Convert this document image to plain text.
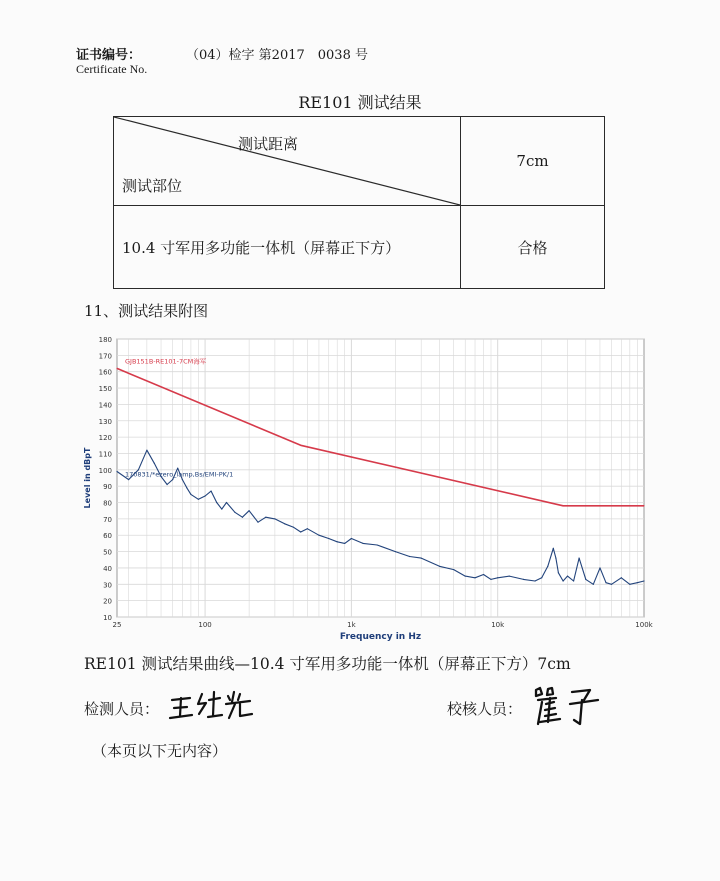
证书编号：	（04）检字 第2017　0038 号
Certificate No.
RE101 测试结果
测试距离
测试部位	7cm
10.4 寸军用多功能一体机（屏幕正下方）	合格
11、测试结果附图
10
20
30
40
50
60
70
80
90
100
110
120
130
140
150
160
170
180
25	100	1k	10k	100k
Frequency in Hz
Level in dBpT
GJB151B-RE101-7CM海军
170831/*ezero_lamp,Bs/EMI-PK/1
RE101 测试结果曲线—10.4 寸军用多功能一体机（屏幕正下方）7cm
检测人员：	校核人员：
（本页以下无内容）
